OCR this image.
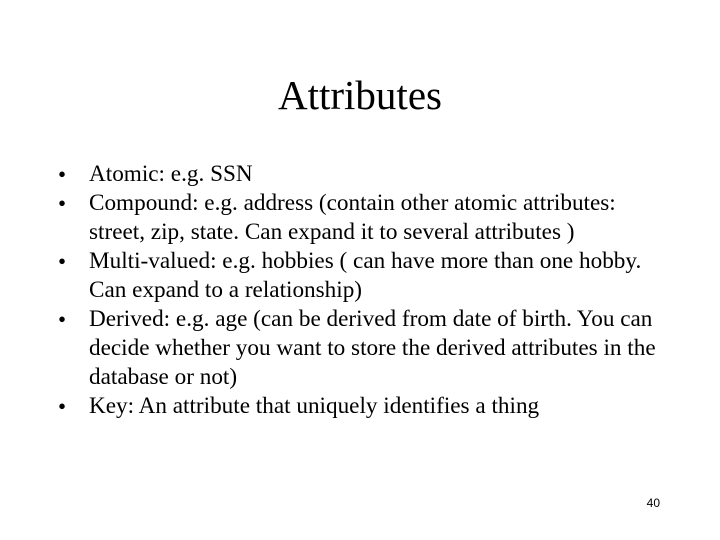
Attributes
• Atomic: e.g. SSN
• Compound: e.g. address (contain other atomic attributes: street, zip, state. Can expand it to several attributes )
• Multi-valued: e.g. hobbies ( can have more than one hobby. Can expand to a relationship)
• Derived: e.g. age (can be derived from date of birth. You can decide whether you want to store the derived attributes in the database or not)
• Key: An attribute that uniquely identifies a thing
40
